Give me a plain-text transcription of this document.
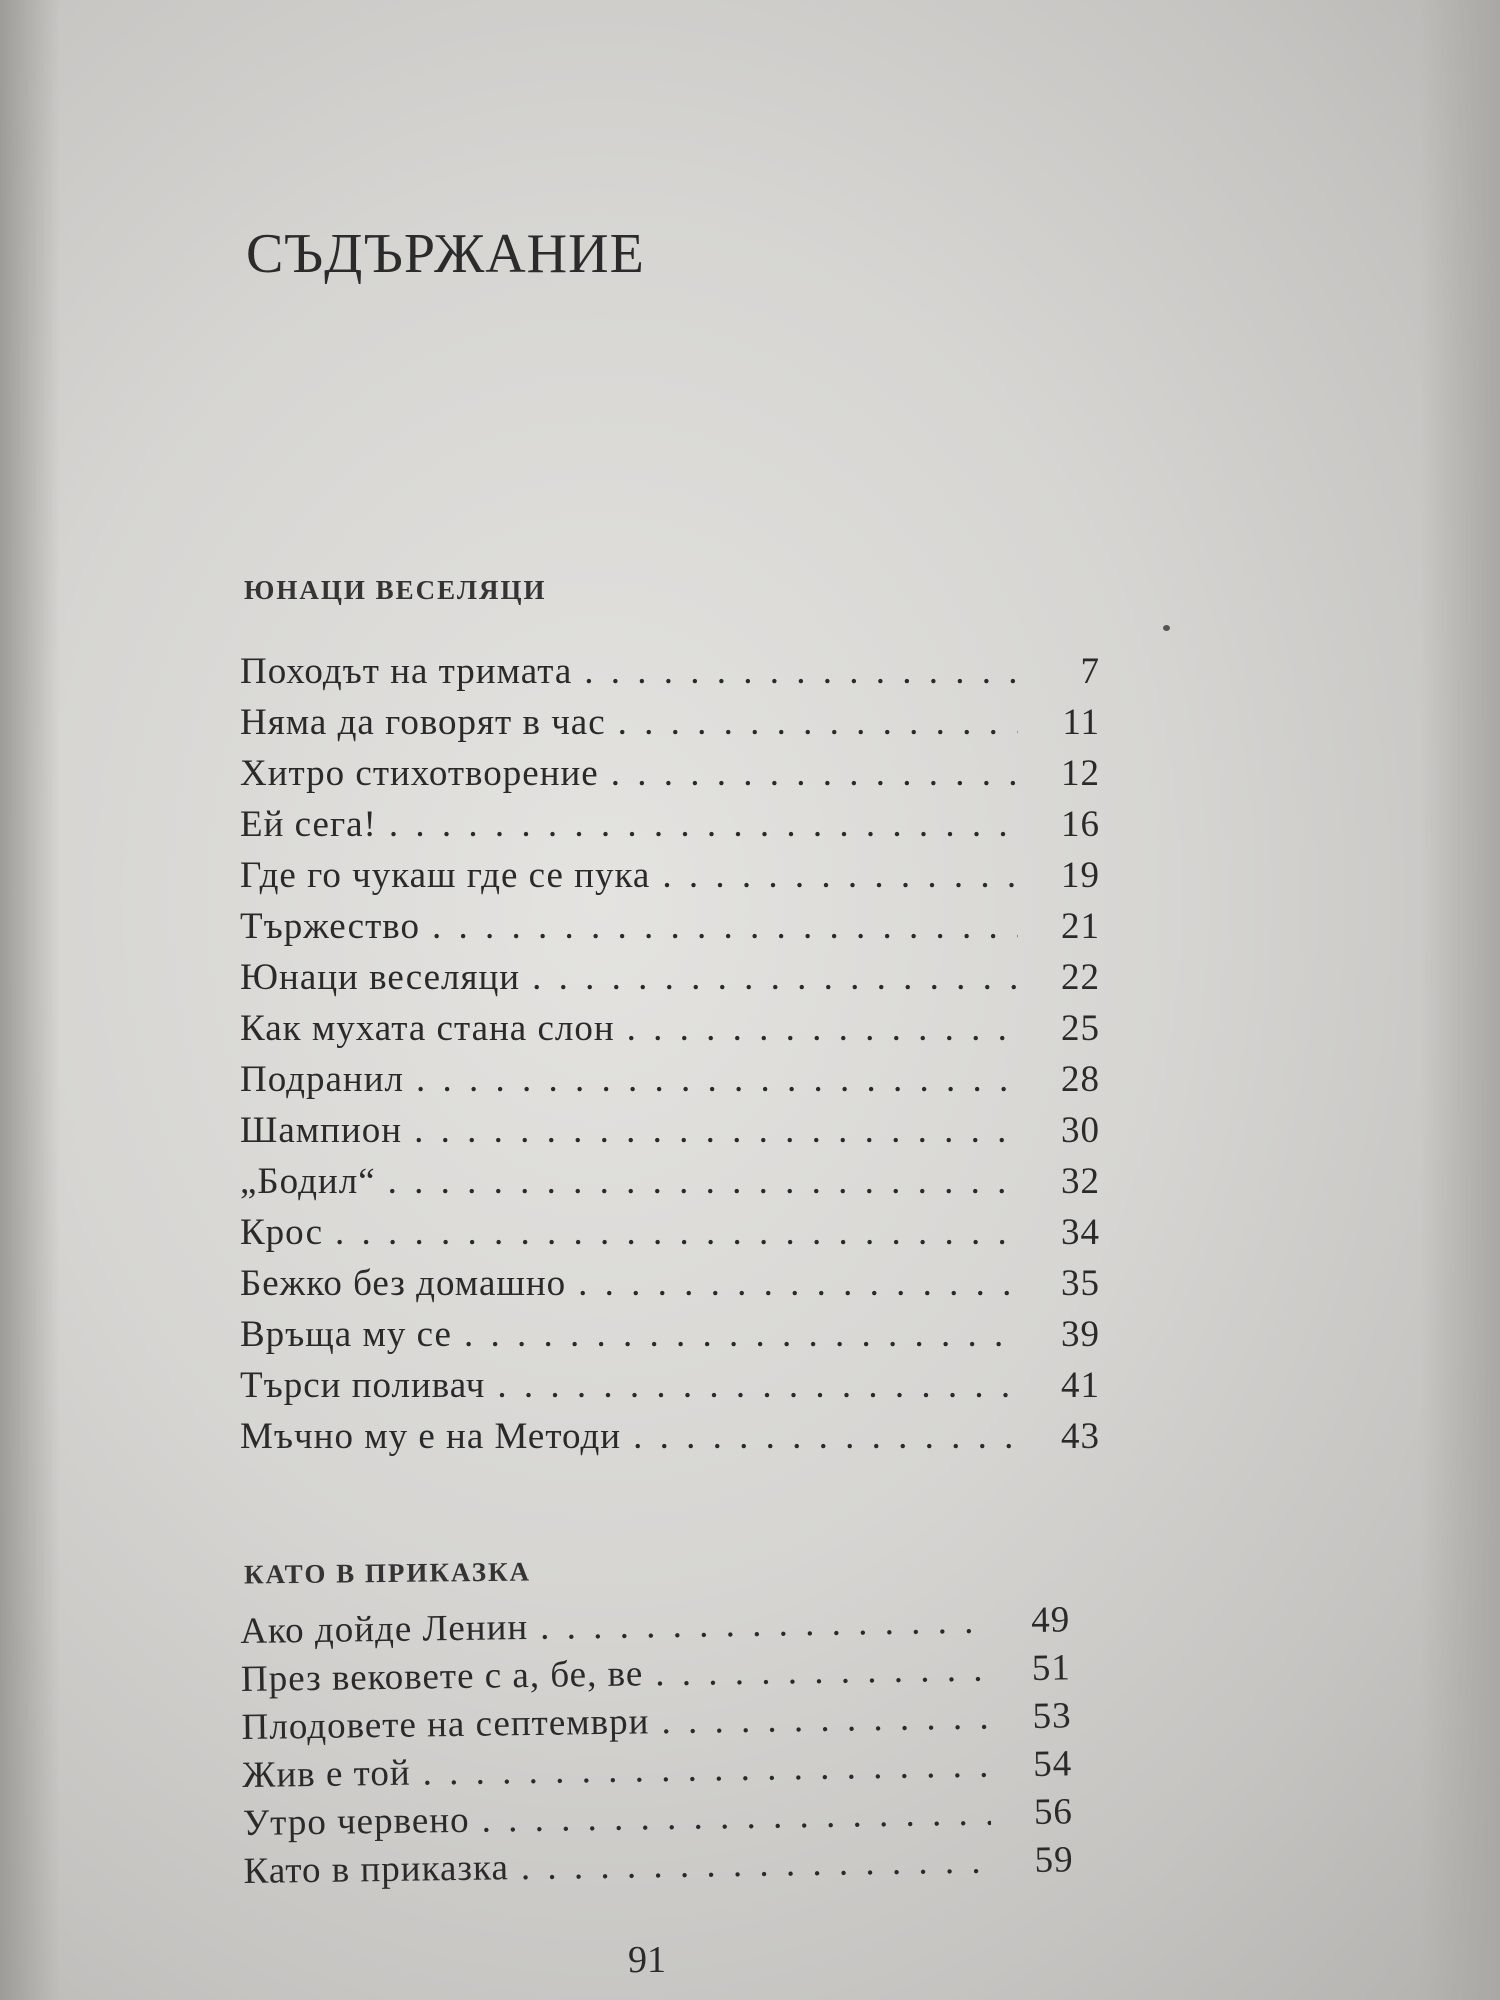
СЪДЪРЖАНИЕ
ЮНАЦИ ВЕСЕЛЯЦИ
Походът на тримата . . .	7
Няма да говорят в час . . .	11
Хитро стихотворение . . .	12
Ей сега! . . .	16
Где го чукаш где се пука . . .	19
Тържество . . .	21
Юнаци веселяци . . .	22
Как мухата стана слон . . .	25
Подранил . . .	28
Шампион . . .	30
„Бодил“ . . .	32
Крос . . .	34
Бежко без домашно . . .	35
Връща му се . . .	39
Търси поливач . . .	41
Мъчно му е на Методи . . .	43
КАТО В ПРИКАЗКА
Ако дойде Ленин . . .	49
През вековете с а, бе, ве . . .	51
Плодовете на септември . . .	53
Жив е той . . .	54
Утро червено . . .	56
Като в приказка . . .	59
91
